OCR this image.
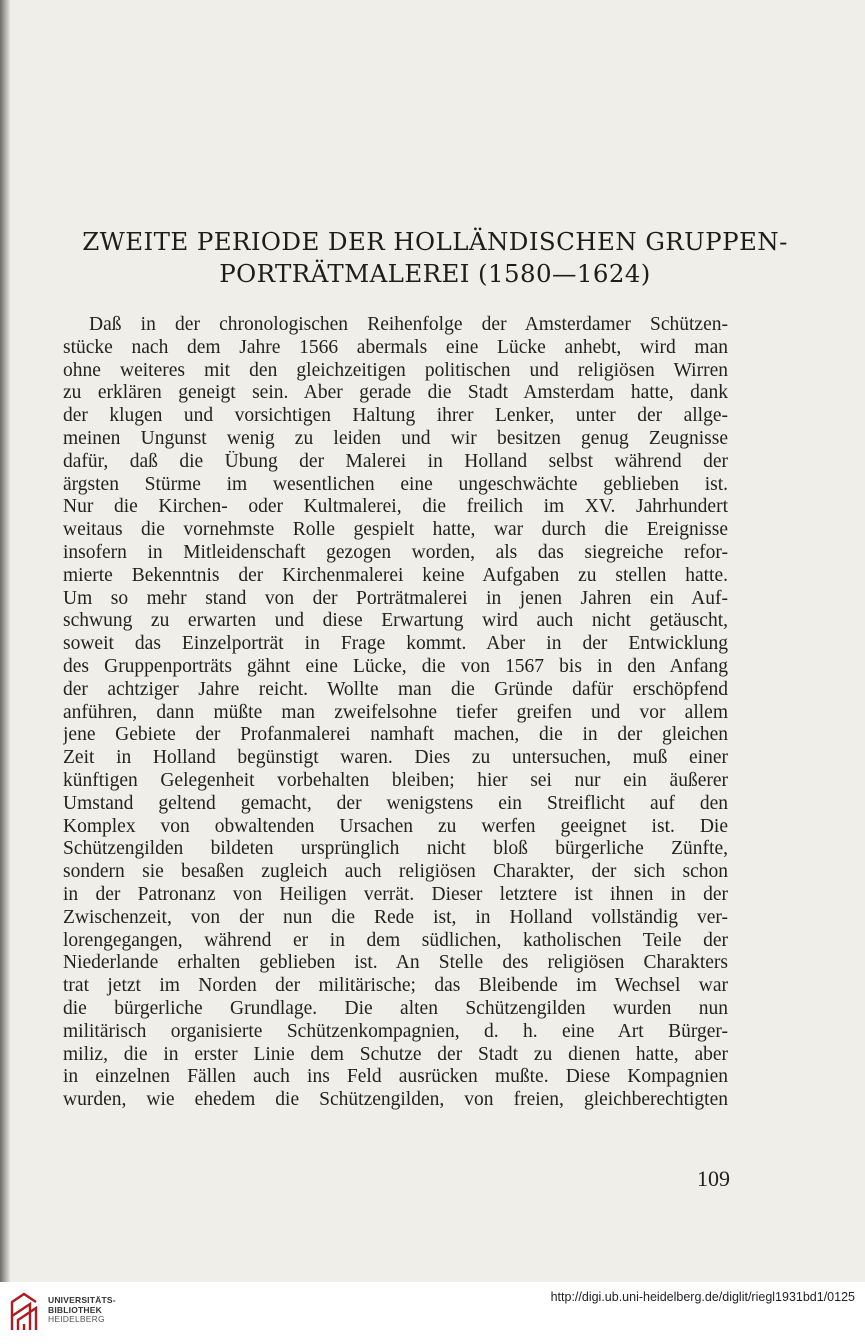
ZWEITE PERIODE DER HOLLÄNDISCHEN GRUPPEN-
PORTRÄTMALEREI (1580—1624)
Daß in der chronologischen Reihenfolge der Amsterdamer Schützen-
stücke nach dem Jahre 1566 abermals eine Lücke anhebt, wird man
ohne weiteres mit den gleichzeitigen politischen und religiösen Wirren
zu erklären geneigt sein. Aber gerade die Stadt Amsterdam hatte, dank
der klugen und vorsichtigen Haltung ihrer Lenker, unter der allge-
meinen Ungunst wenig zu leiden und wir besitzen genug Zeugnisse
dafür, daß die Übung der Malerei in Holland selbst während der
ärgsten Stürme im wesentlichen eine ungeschwächte geblieben ist.
Nur die Kirchen- oder Kultmalerei, die freilich im XV. Jahrhundert
weitaus die vornehmste Rolle gespielt hatte, war durch die Ereignisse
insofern in Mitleidenschaft gezogen worden, als das siegreiche refor-
mierte Bekenntnis der Kirchenmalerei keine Aufgaben zu stellen hatte.
Um so mehr stand von der Porträtmalerei in jenen Jahren ein Auf-
schwung zu erwarten und diese Erwartung wird auch nicht getäuscht,
soweit das Einzelporträt in Frage kommt. Aber in der Entwicklung
des Gruppenporträts gähnt eine Lücke, die von 1567 bis in den Anfang
der achtziger Jahre reicht. Wollte man die Gründe dafür erschöpfend
anführen, dann müßte man zweifelsohne tiefer greifen und vor allem
jene Gebiete der Profanmalerei namhaft machen, die in der gleichen
Zeit in Holland begünstigt waren. Dies zu untersuchen, muß einer
künftigen Gelegenheit vorbehalten bleiben; hier sei nur ein äußerer
Umstand geltend gemacht, der wenigstens ein Streiflicht auf den
Komplex von obwaltenden Ursachen zu werfen geeignet ist. Die
Schützengilden bildeten ursprünglich nicht bloß bürgerliche Zünfte,
sondern sie besaßen zugleich auch religiösen Charakter, der sich schon
in der Patronanz von Heiligen verrät. Dieser letztere ist ihnen in der
Zwischenzeit, von der nun die Rede ist, in Holland vollständig ver-
lorengegangen, während er in dem südlichen, katholischen Teile der
Niederlande erhalten geblieben ist. An Stelle des religiösen Charakters
trat jetzt im Norden der militärische; das Bleibende im Wechsel war
die bürgerliche Grundlage. Die alten Schützengilden wurden nun
militärisch organisierte Schützenkompagnien, d. h. eine Art Bürger-
miliz, die in erster Linie dem Schutze der Stadt zu dienen hatte, aber
in einzelnen Fällen auch ins Feld ausrücken mußte. Diese Kompagnien
wurden, wie ehedem die Schützengilden, von freien, gleichberechtigten
109
UNIVERSITÄTS-
BIBLIOTHEK
HEIDELBERG
http://digi.ub.uni-heidelberg.de/diglit/riegl1931bd1/0125
